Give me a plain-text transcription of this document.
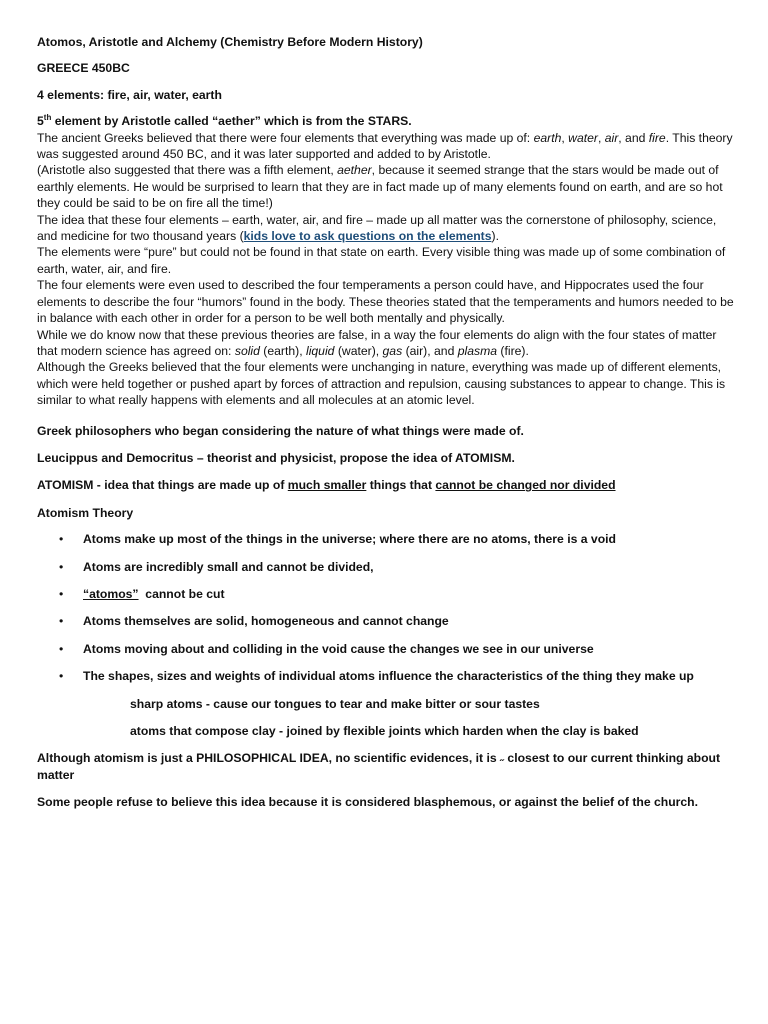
Atomos, Aristotle and Alchemy (Chemistry Before Modern History)

GREECE 450BC

4 elements: fire, air, water, earth

5th element by Aristotle called “aether” which is from the STARS.

The ancient Greeks believed that there were four elements that everything was made up of: earth, water, air, and fire. This theory was suggested around 450 BC, and it was later supported and added to by Aristotle.

(Aristotle also suggested that there was a fifth element, aether, because it seemed strange that the stars would be made out of earthly elements. He would be surprised to learn that they are in fact made up of many elements found on earth, and are so hot they could be said to be on fire all the time!)

The idea that these four elements – earth, water, air, and fire – made up all matter was the cornerstone of philosophy, science, and medicine for two thousand years (kids love to ask questions on the elements).

The elements were “pure” but could not be found in that state on earth. Every visible thing was made up of some combination of earth, water, air, and fire.

The four elements were even used to described the four temperaments a person could have, and Hippocrates used the four elements to describe the four “humors” found in the body. These theories stated that the temperaments and humors needed to be in balance with each other in order for a person to be well both mentally and physically.

While we do know now that these previous theories are false, in a way the four elements do align with the four states of matter that modern science has agreed on: solid (earth), liquid (water), gas (air), and plasma (fire).

Although the Greeks believed that the four elements were unchanging in nature, everything was made up of different elements, which were held together or pushed apart by forces of attraction and repulsion, causing substances to appear to change. This is similar to what really happens with elements and all molecules at an atomic level.

Greek philosophers who began considering the nature of what things were made of.

Leucippus and Democritus – theorist and physicist, propose the idea of ATOMISM.

ATOMISM - idea that things are made up of much smaller things that cannot be changed nor divided

Atomism Theory

• Atoms make up most of the things in the universe; where there are no atoms, there is a void
• Atoms are incredibly small and cannot be divided,
• “atomos”  cannot be cut
• Atoms themselves are solid, homogeneous and cannot change
• Atoms moving about and colliding in the void cause the changes we see in our universe
• The shapes, sizes and weights of individual atoms influence the characteristics of the thing they make up

sharp atoms - cause our tongues to tear and make bitter or sour tastes

atoms that compose clay - joined by flexible joints which harden when the clay is baked

Although atomism is just a PHILOSOPHICAL IDEA, no scientific evidences, it is ˶ closest to our current thinking about matter

Some people refuse to believe this idea because it is considered blasphemous, or against the belief of the church.
